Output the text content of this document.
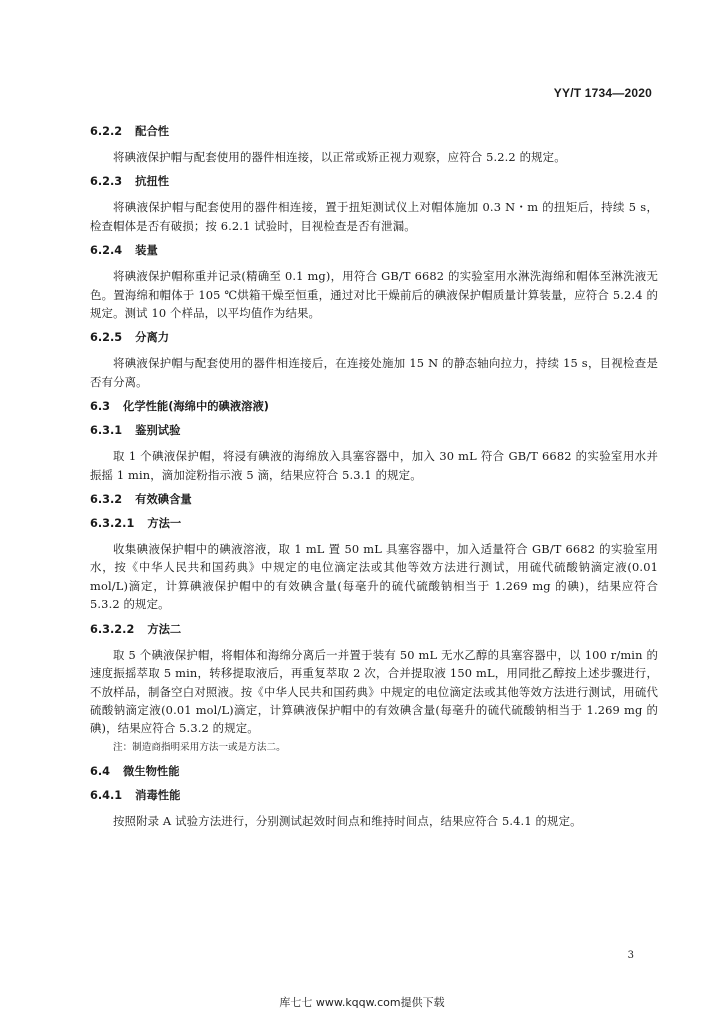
YY/T 1734—2020
6.2.2 配合性

将碘液保护帽与配套使用的器件相连接，以正常或矫正视力观察，应符合 5.2.2 的规定。

6.2.3 抗扭性

将碘液保护帽与配套使用的器件相连接，置于扭矩测试仪上对帽体施加 0.3 N・m 的扭矩后，持续 5 s，检查帽体是否有破损；按 6.2.1 试验时，目视检查是否有泄漏。

6.2.4 装量

将碘液保护帽称重并记录(精确至 0.1 mg)，用符合 GB/T 6682 的实验室用水淋洗海绵和帽体至淋洗液无色。置海绵和帽体于 105 ℃烘箱干燥至恒重，通过对比干燥前后的碘液保护帽质量计算装量，应符合 5.2.4 的规定。测试 10 个样品，以平均值作为结果。

6.2.5 分离力

将碘液保护帽与配套使用的器件相连接后，在连接处施加 15 N 的静态轴向拉力，持续 15 s，目视检查是否有分离。

6.3 化学性能(海绵中的碘液溶液)
6.3.1 鉴别试验

取 1 个碘液保护帽，将浸有碘液的海绵放入具塞容器中，加入 30 mL 符合 GB/T 6682 的实验室用水并振摇 1 min，滴加淀粉指示液 5 滴，结果应符合 5.3.1 的规定。

6.3.2 有效碘含量
6.3.2.1 方法一

收集碘液保护帽中的碘液溶液，取 1 mL 置 50 mL 具塞容器中，加入适量符合 GB/T 6682 的实验室用水，按《中华人民共和国药典》中规定的电位滴定法或其他等效方法进行测试，用硫代硫酸钠滴定液(0.01 mol/L)滴定，计算碘液保护帽中的有效碘含量(每毫升的硫代硫酸钠相当于 1.269 mg 的碘)，结果应符合 5.3.2 的规定。

6.3.2.2 方法二

取 5 个碘液保护帽，将帽体和海绵分离后一并置于装有 50 mL 无水乙醇的具塞容器中，以 100 r/min 的速度振摇萃取 5 min，转移提取液后，再重复萃取 2 次，合并提取液 150 mL，用同批乙醇按上述步骤进行，不放样品，制备空白对照液。按《中华人民共和国药典》中规定的电位滴定法或其他等效方法进行测试，用硫代硫酸钠滴定液(0.01 mol/L)滴定，计算碘液保护帽中的有效碘含量(每毫升的硫代硫酸钠相当于 1.269 mg 的碘)，结果应符合 5.3.2 的规定。

注：制造商指明采用方法一或是方法二。

6.4 微生物性能
6.4.1 消毒性能

按照附录 A 试验方法进行，分别测试起效时间点和维持时间点，结果应符合 5.4.1 的规定。

3
库七七 www.kqqw.com提供下载
